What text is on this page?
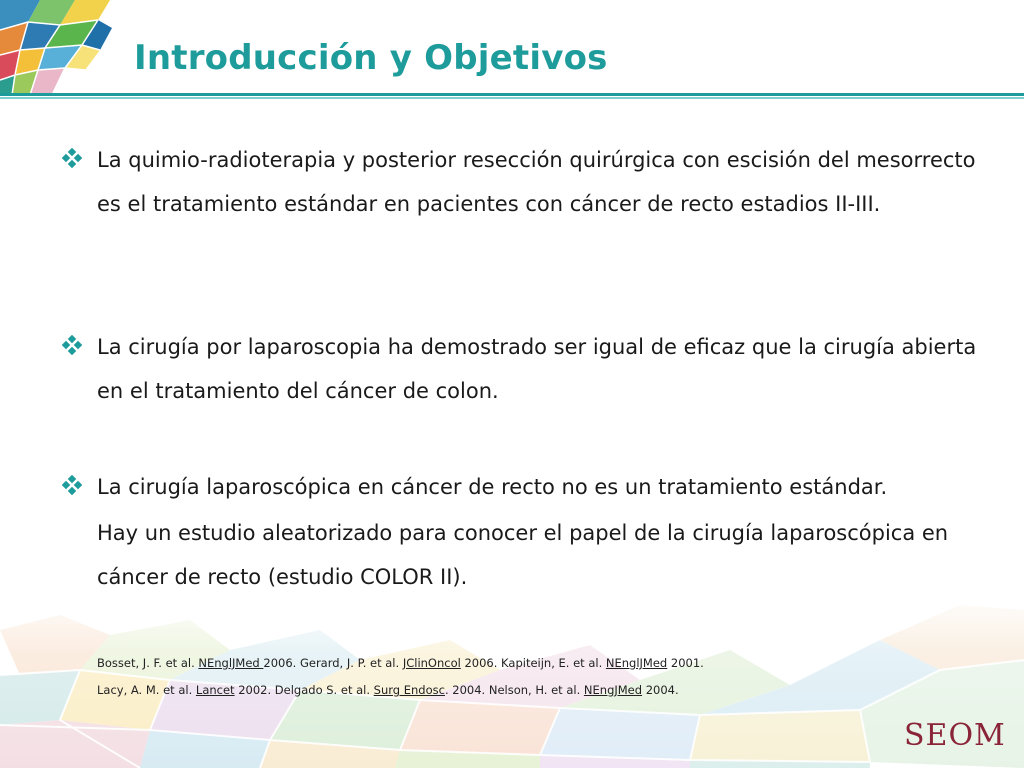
Introducción y Objetivos

La quimio-radioterapia y posterior resección quirúrgica con escisión del mesorrecto es el tratamiento estándar en pacientes con cáncer de recto estadios II-III.

La cirugía por laparoscopia ha demostrado ser igual de eficaz que la cirugía abierta en el tratamiento del cáncer de colon.

La cirugía laparoscópica en cáncer de recto no es un tratamiento estándar.

Hay un estudio aleatorizado para conocer el papel de la cirugía laparoscópica en cáncer de recto (estudio COLOR II).

Bosset, J. F. et al. NEnglJMed 2006. Gerard, J. P. et al. JClinOncol 2006. Kapiteijn, E. et al. NEnglJMed 2001.

Lacy, A. M. et al. Lancet 2002. Delgado S. et al. Surg Endosc. 2004. Nelson, H. et al. NEngJMed 2004.

SEOM
